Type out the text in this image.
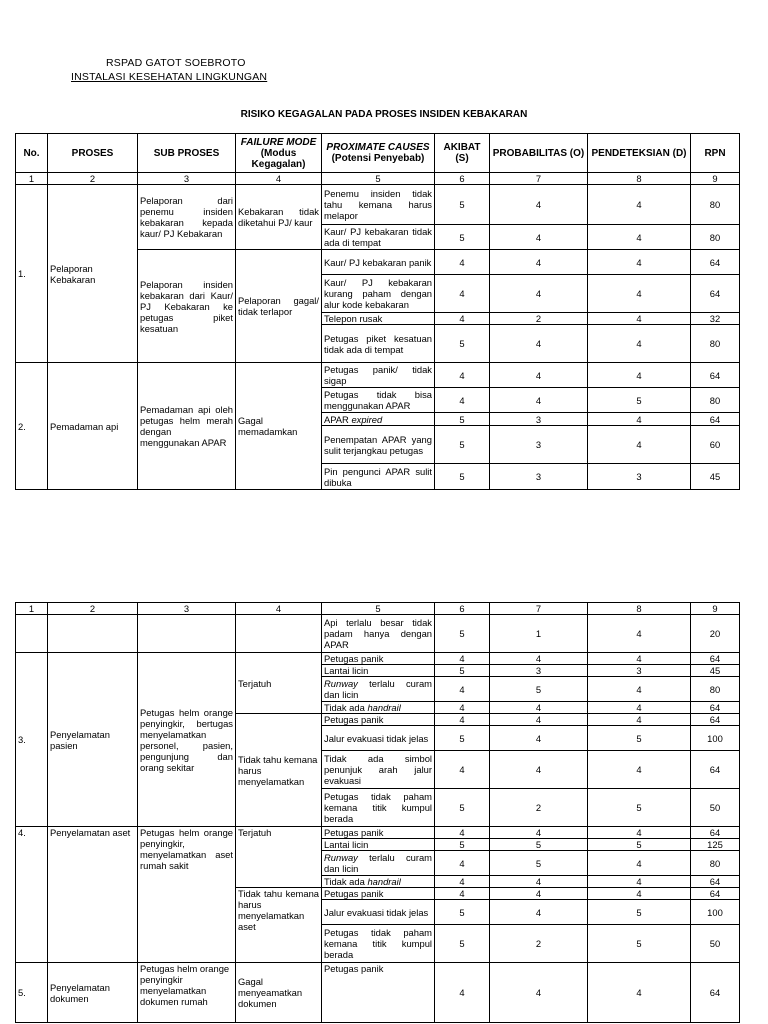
RSPAD GATOT SOEBROTO
INSTALASI KESEHATAN LINGKUNGAN
RISIKO KEGAGALAN PADA PROSES INSIDEN KEBAKARAN
No.	PROSES	SUB PROSES	FAILURE MODE (Modus Kegagalan)	PROXIMATE CAUSES (Potensi Penyebab)	AKIBAT (S)	PROBABILITAS (O)	PENDETEKSIAN (D)	RPN
1	2	3	4	5	6	7	8	9
1.	Pelaporan Kebakaran	Pelaporan dari penemu insiden kebakaran kepada kaur/ PJ Kebakaran	Kebakaran tidak diketahui PJ/ kaur	Penemu insiden tidak tahu kemana harus melapor	5	4	4	80
				Kaur/ PJ kebakaran tidak ada di tempat	5	4	4	80
		Pelaporan insiden kebakaran dari Kaur/ PJ Kebakaran ke petugas piket kesatuan	Pelaporan gagal/ tidak terlapor	Kaur/ PJ kebakaran panik	4	4	4	64
				Kaur/ PJ kebakaran kurang paham dengan alur kode kebakaran	4	4	4	64
				Telepon rusak	4	2	4	32
				Petugas piket kesatuan tidak ada di tempat	5	4	4	80
2.	Pemadaman api	Pemadaman api oleh petugas helm merah dengan menggunakan APAR	Gagal memadamkan	Petugas panik/ tidak sigap	4	4	4	64
				Petugas tidak bisa menggunakan APAR	4	4	5	80
				APAR expired	5	3	4	64
				Penempatan APAR yang sulit terjangkau petugas	5	3	4	60
				Pin pengunci APAR sulit dibuka	5	3	3	45
1	2	3	4	5	6	7	8	9
				Api terlalu besar tidak padam hanya dengan APAR	5	1	4	20
3.	Penyelamatan pasien	Petugas helm orange penyingkir, bertugas menyelamatkan personel, pasien, pengunjung dan orang sekitar	Terjatuh	Petugas panik	4	4	4	64
				Lantai licin	5	3	3	45
				Runway terlalu curam dan licin	4	5	4	80
				Tidak ada handrail	4	4	4	64
			Tidak tahu kemana harus menyelamatkan	Petugas panik	4	4	4	64
				Jalur evakuasi tidak jelas	5	4	5	100
				Tidak ada simbol penunjuk arah jalur evakuasi	4	4	4	64
				Petugas tidak paham kemana titik kumpul berada	5	2	5	50
4.	Penyelamatan aset	Petugas helm orange penyingkir, menyelamatkan aset rumah sakit	Terjatuh	Petugas panik	4	4	4	64
				Lantai licin	5	5	5	125
				Runway terlalu curam dan licin	4	5	4	80
				Tidak ada handrail	4	4	4	64
			Tidak tahu kemana harus menyelamatkan aset	Petugas panik	4	4	4	64
				Jalur evakuasi tidak jelas	5	4	5	100
				Petugas tidak paham kemana titik kumpul berada	5	2	5	50
5.	Penyelamatan dokumen	Petugas helm orange penyingkir menyelamatkan dokumen rumah	Gagal menyeamatkan dokumen	Petugas panik	4	4	4	64
